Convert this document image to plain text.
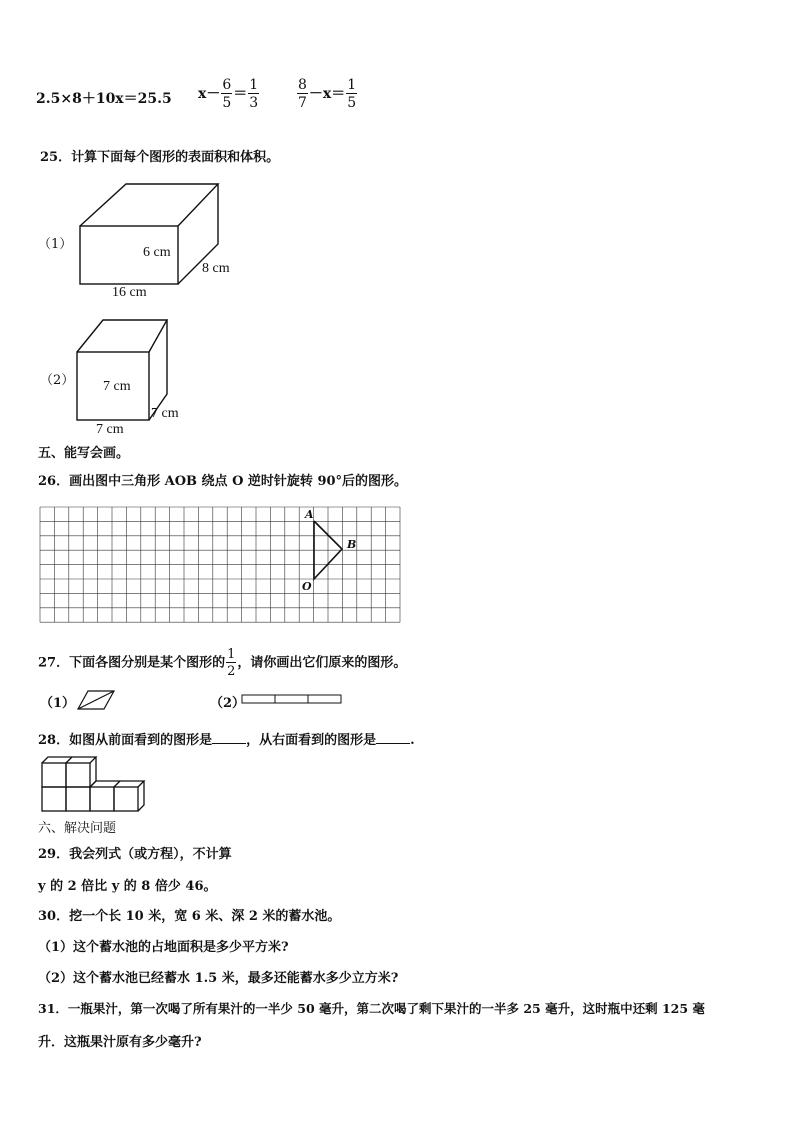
2.5×8＋10x＝25.5 $x- \frac{6}{5} = \frac{1}{3}$	$\frac{8}{7} -x= \frac{1}{5}$
25．计算下面每个图形的表面积和体积。
（1）
6 cm
8 cm
16 cm
（2） 7 cm
7 cm
7 cm
五、能写会画。
26．画出图中三角形 AOB 绕点 O 逆时针旋转 90°后的图形。
A
B
O
27．下面各图分别是某个图形的 $\frac{1}{2}$ ，请你画出它们原来的图形。
（1）	（2）
28．如图从前面看到的图形是	，从右面看到的图形是	.
六、解决问题
29．我会列式（或方程），不计算
y 的 2 倍比 y 的 8 倍少 46。
30．挖一个长 10 米，宽 6 米、深 2 米的蓄水池。
（1）这个蓄水池的占地面积是多少平方米?
（2）这个蓄水池已经蓄水 1.5 米，最多还能蓄水多少立方米?
31．一瓶果汁，第一次喝了所有果汁的一半少 50 毫升，第二次喝了剩下果汁的一半多 25 毫升，这时瓶中还剩 125 毫
升．这瓶果汁原有多少毫升?
